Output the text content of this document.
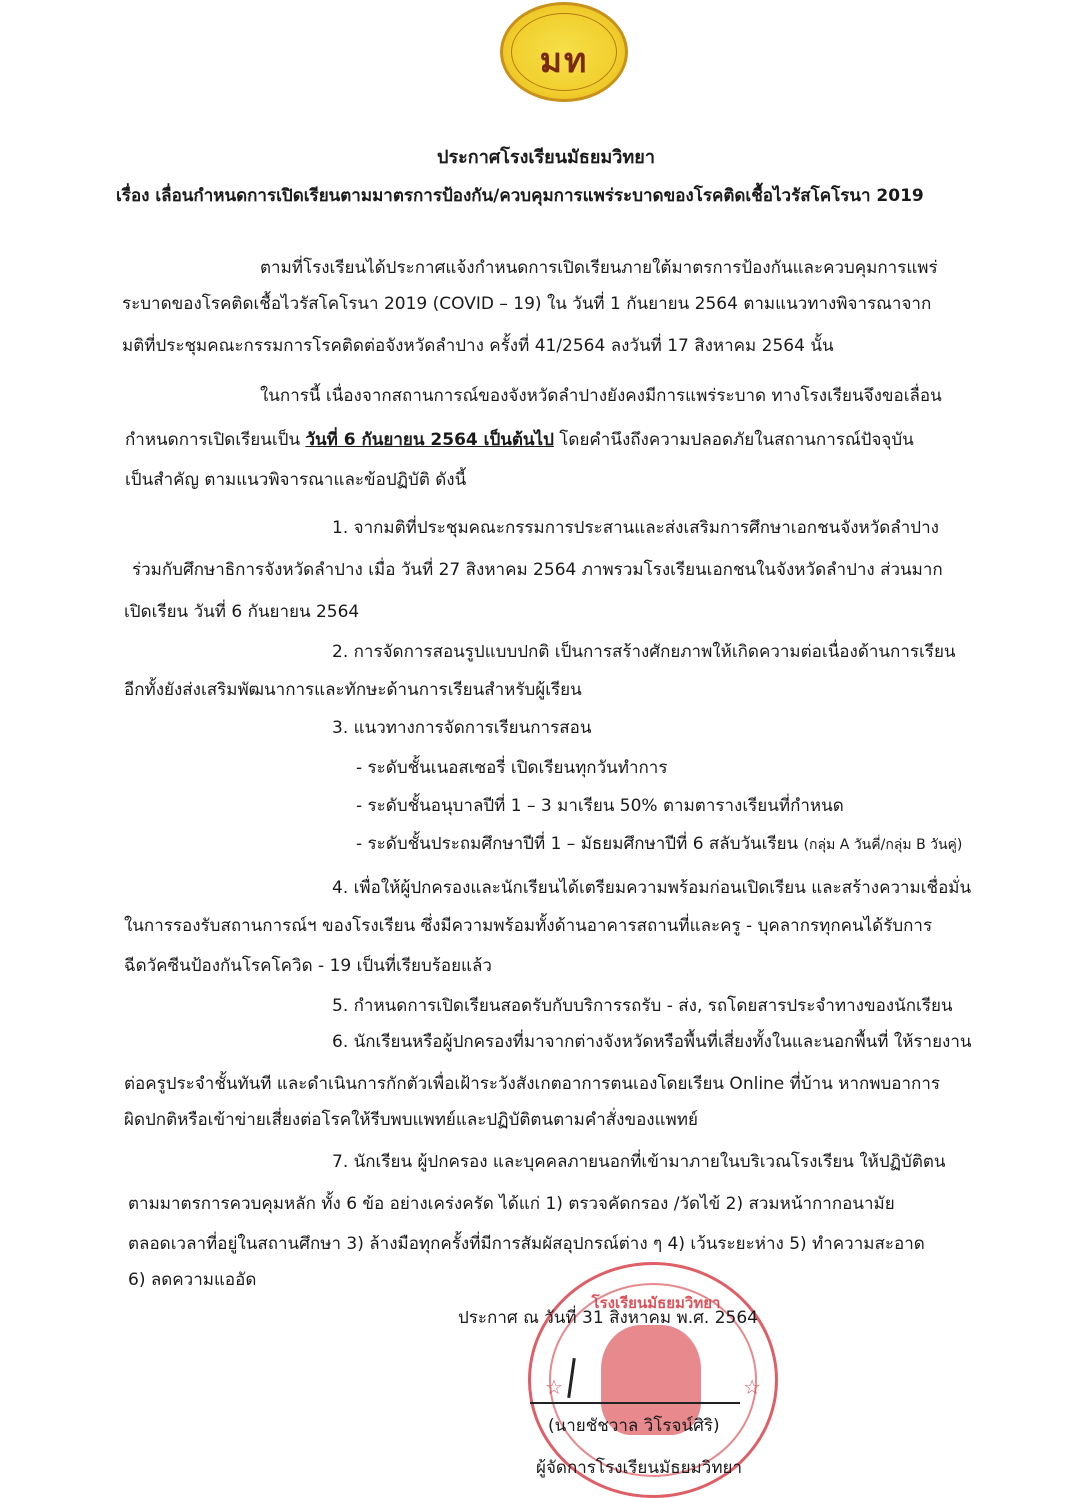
มท
ประกาศโรงเรียนมัธยมวิทยา
เรื่อง เลื่อนกำหนดการเปิดเรียนตามมาตรการป้องกัน/ควบคุมการแพร่ระบาดของโรคติดเชื้อไวรัสโคโรนา 2019
ตามที่โรงเรียนได้ประกาศแจ้งกำหนดการเปิดเรียนภายใต้มาตรการป้องกันและควบคุมการแพร่
ระบาดของโรคติดเชื้อไวรัสโคโรนา 2019 (COVID – 19) ใน วันที่ 1 กันยายน 2564 ตามแนวทางพิจารณาจาก
มติที่ประชุมคณะกรรมการโรคติดต่อจังหวัดลำปาง ครั้งที่ 41/2564 ลงวันที่ 17 สิงหาคม 2564 นั้น
ในการนี้ เนื่องจากสถานการณ์ของจังหวัดลำปางยังคงมีการแพร่ระบาด ทางโรงเรียนจึงขอเลื่อน
กำหนดการเปิดเรียนเป็น วันที่ 6 กันยายน 2564 เป็นต้นไป โดยคำนึงถึงความปลอดภัยในสถานการณ์ปัจจุบัน
เป็นสำคัญ ตามแนวพิจารณาและข้อปฏิบัติ ดังนี้
1. จากมติที่ประชุมคณะกรรมการประสานและส่งเสริมการศึกษาเอกชนจังหวัดลำปาง
ร่วมกับศึกษาธิการจังหวัดลำปาง เมื่อ วันที่ 27 สิงหาคม 2564 ภาพรวมโรงเรียนเอกชนในจังหวัดลำปาง ส่วนมาก
เปิดเรียน วันที่ 6 กันยายน 2564
2. การจัดการสอนรูปแบบปกติ เป็นการสร้างศักยภาพให้เกิดความต่อเนื่องด้านการเรียน
อีกทั้งยังส่งเสริมพัฒนาการและทักษะด้านการเรียนสำหรับผู้เรียน
3. แนวทางการจัดการเรียนการสอน
- ระดับชั้นเนอสเซอรี่ เปิดเรียนทุกวันทำการ
- ระดับชั้นอนุบาลปีที่ 1 – 3 มาเรียน 50% ตามตารางเรียนที่กำหนด
- ระดับชั้นประถมศึกษาปีที่ 1 – มัธยมศึกษาปีที่ 6 สลับวันเรียน (กลุ่ม A วันคี่/กลุ่ม B วันคู่)
4. เพื่อให้ผู้ปกครองและนักเรียนได้เตรียมความพร้อมก่อนเปิดเรียน และสร้างความเชื่อมั่น
ในการรองรับสถานการณ์ฯ ของโรงเรียน ซึ่งมีความพร้อมทั้งด้านอาคารสถานที่และครู - บุคลากรทุกคนได้รับการ
ฉีดวัคซีนป้องกันโรคโควิด - 19 เป็นที่เรียบร้อยแล้ว
5. กำหนดการเปิดเรียนสอดรับกับบริการรถรับ - ส่ง, รถโดยสารประจำทางของนักเรียน
6. นักเรียนหรือผู้ปกครองที่มาจากต่างจังหวัดหรือพื้นที่เสี่ยงทั้งในและนอกพื้นที่ ให้รายงาน
ต่อครูประจำชั้นทันที และดำเนินการกักตัวเพื่อเฝ้าระวังสังเกตอาการตนเองโดยเรียน Online ที่บ้าน หากพบอาการ
ผิดปกติหรือเข้าข่ายเสี่ยงต่อโรคให้รีบพบแพทย์และปฏิบัติตนตามคำสั่งของแพทย์
7. นักเรียน ผู้ปกครอง และบุคคลภายนอกที่เข้ามาภายในบริเวณโรงเรียน ให้ปฏิบัติตน
ตามมาตรการควบคุมหลัก ทั้ง 6 ข้อ อย่างเคร่งครัด ได้แก่ 1) ตรวจคัดกรอง /วัดไข้ 2) สวมหน้ากากอนามัย
ตลอดเวลาที่อยู่ในสถานศึกษา 3) ล้างมือทุกครั้งที่มีการสัมผัสอุปกรณ์ต่าง ๆ 4) เว้นระยะห่าง 5) ทำความสะอาด
6) ลดความแออัด
โรงเรียนมัธยมวิทยา
☆	☆
ประกาศ ณ วันที่ 31 สิงหาคม พ.ศ. 2564
(นายชัชวาล วิโรจน์ศิริ)
ผู้จัดการโรงเรียนมัธยมวิทยา
